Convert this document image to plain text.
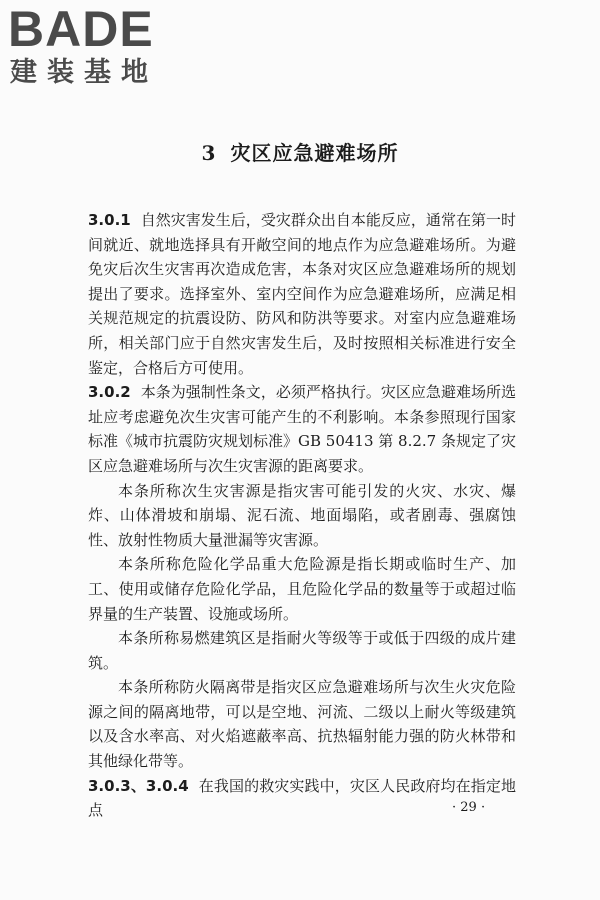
BADE
建装基地
3 灾区应急避难场所

3.0.1 自然灾害发生后，受灾群众出自本能反应，通常在第一时间就近、就地选择具有开敞空间的地点作为应急避难场所。为避免灾后次生灾害再次造成危害，本条对灾区应急避难场所的规划提出了要求。选择室外、室内空间作为应急避难场所，应满足相关规范规定的抗震设防、防风和防洪等要求。对室内应急避难场所，相关部门应于自然灾害发生后，及时按照相关标准进行安全鉴定，合格后方可使用。

3.0.2 本条为强制性条文，必须严格执行。灾区应急避难场所选址应考虑避免次生灾害可能产生的不利影响。本条参照现行国家标准《城市抗震防灾规划标准》GB 50413 第 8.2.7 条规定了灾区应急避难场所与次生灾害源的距离要求。

本条所称次生灾害源是指灾害可能引发的火灾、水灾、爆炸、山体滑坡和崩塌、泥石流、地面塌陷，或者剧毒、强腐蚀性、放射性物质大量泄漏等灾害源。

本条所称危险化学品重大危险源是指长期或临时生产、加工、使用或储存危险化学品，且危险化学品的数量等于或超过临界量的生产装置、设施或场所。

本条所称易燃建筑区是指耐火等级等于或低于四级的成片建筑。

本条所称防火隔离带是指灾区应急避难场所与次生火灾危险源之间的隔离地带，可以是空地、河流、二级以上耐火等级建筑以及含水率高、对火焰遮蔽率高、抗热辐射能力强的防火林带和其他绿化带等。

3.0.3、3.0.4 在我国的救灾实践中，灾区人民政府均在指定地点	· 29 ·
